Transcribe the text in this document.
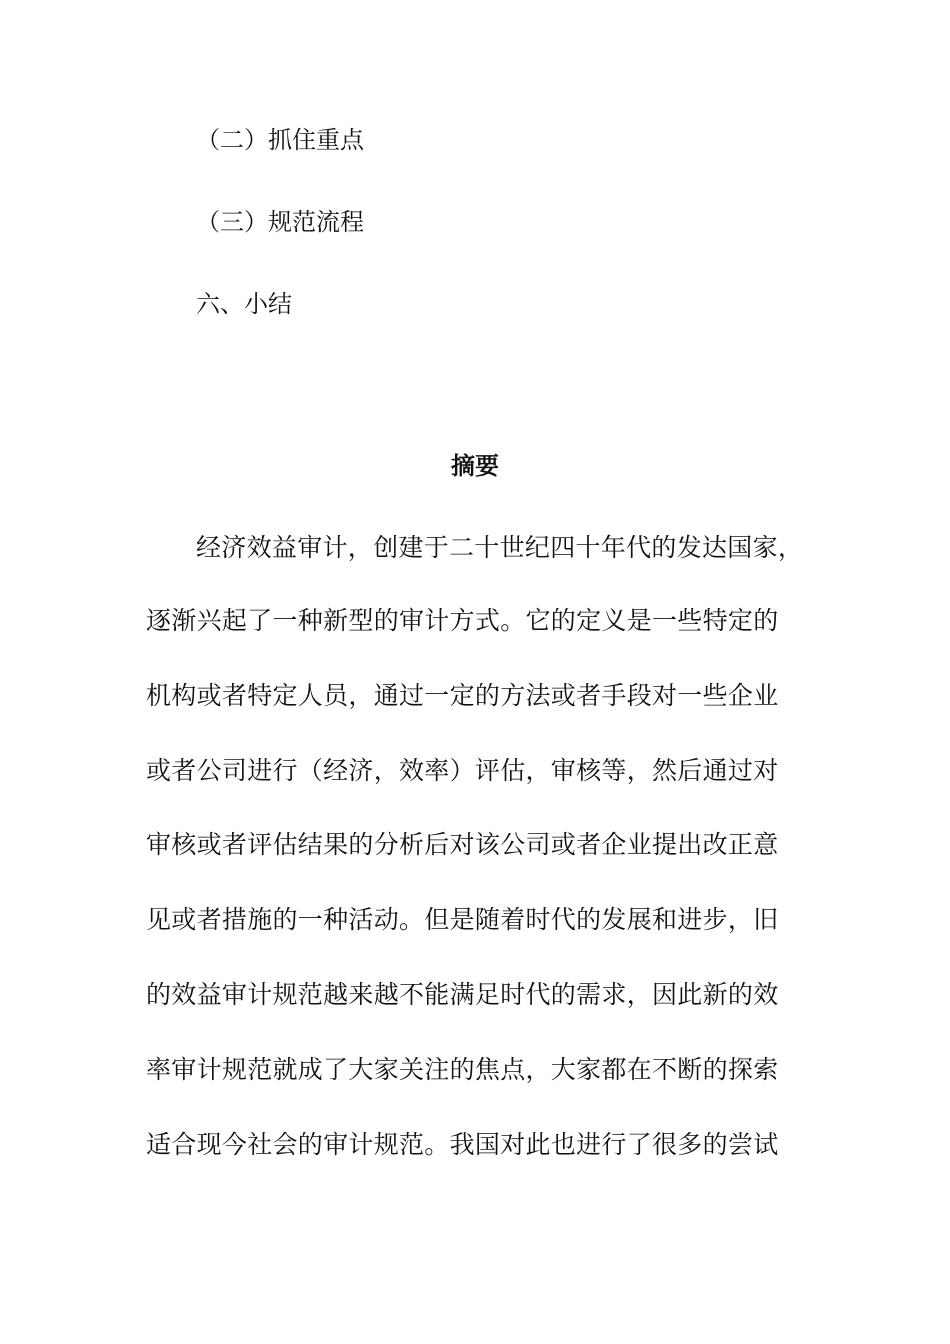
（二）抓住重点
（三）规范流程
六、小结
摘要
经济效益审计，创建于二十世纪四十年代的发达国家，
逐渐兴起了一种新型的审计方式。它的定义是一些特定的
机构或者特定人员，通过一定的方法或者手段对一些企业
或者公司进行（经济，效率）评估，审核等，然后通过对
审核或者评估结果的分析后对该公司或者企业提出改正意
见或者措施的一种活动。但是随着时代的发展和进步，旧
的效益审计规范越来越不能满足时代的需求，因此新的效
率审计规范就成了大家关注的焦点，大家都在不断的探索
适合现今社会的审计规范。我国对此也进行了很多的尝试
